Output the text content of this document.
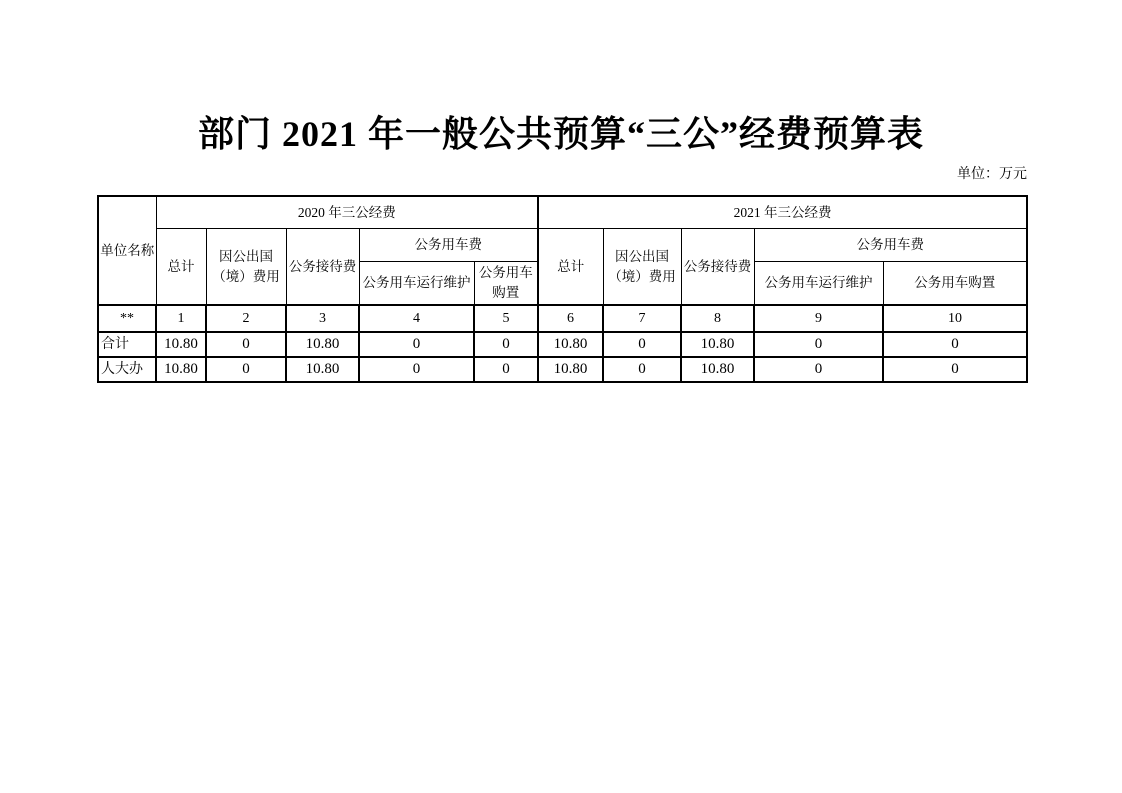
部门 2021 年一般公共预算“三公”经费预算表
单位：万元
单位名称	2020 年三公经费					2021 年三公经费				
	总计	因公出国（境）费用	公务接待费	公务用车费		总计	因公出国（境）费用	公务接待费	公务用车费	
				公务用车运行维护	公务用车购置				公务用车运行维护	公务用车购置
**	1	2	3	4	5	6	7	8	9	10
合计	10.80	0	10.80	0	0	10.80	0	10.80	0	0
人大办	10.80	0	10.80	0	0	10.80	0	10.80	0	0
